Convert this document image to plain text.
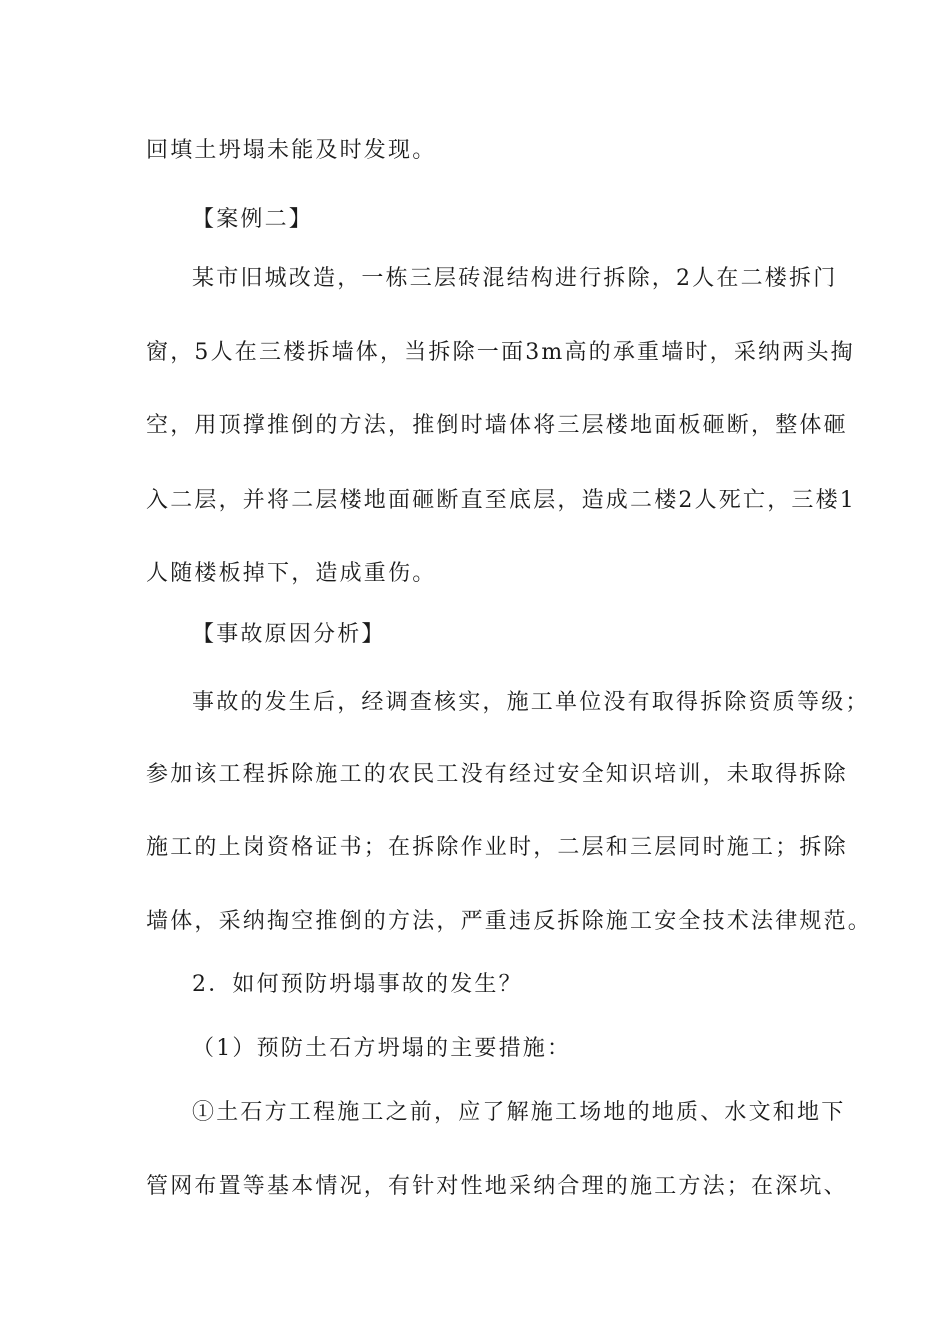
回填土坍塌未能及时发现。
【案例二】
某市旧城改造，一栋三层砖混结构进行拆除，2人在二楼拆门
窗，5人在三楼拆墙体，当拆除一面3m高的承重墙时，采纳两头掏
空，用顶撑推倒的方法，推倒时墙体将三层楼地面板砸断，整体砸
入二层，并将二层楼地面砸断直至底层，造成二楼2人死亡，三楼1
人随楼板掉下，造成重伤。
【事故原因分析】
事故的发生后，经调查核实，施工单位没有取得拆除资质等级；
参加该工程拆除施工的农民工没有经过安全知识培训，未取得拆除
施工的上岗资格证书；在拆除作业时，二层和三层同时施工；拆除
墙体，采纳掏空推倒的方法，严重违反拆除施工安全技术法律规范。
2．如何预防坍塌事故的发生？
（1）预防土石方坍塌的主要措施：
①土石方工程施工之前，应了解施工场地的地质、水文和地下
管网布置等基本情况，有针对性地采纳合理的施工方法；在深坑、
